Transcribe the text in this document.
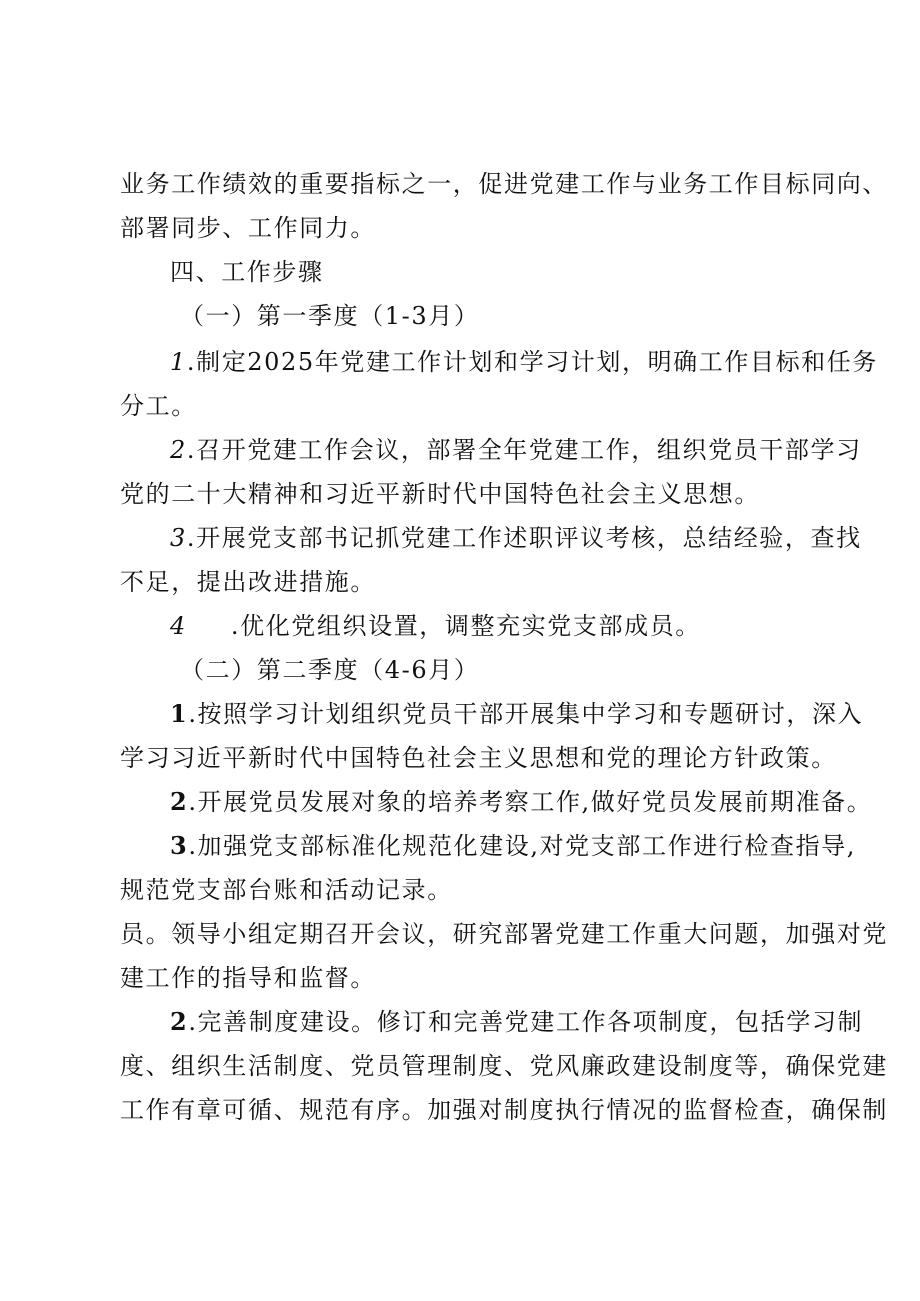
业务工作绩效的重要指标之一，促进党建工作与业务工作目标同向、
部署同步、工作同力。
四、工作步骤
（一）第一季度（1-3月）
1.制定2025年党建工作计划和学习计划，明确工作目标和任务
分工。
2.召开党建工作会议，部署全年党建工作，组织党员干部学习
党的二十大精神和习近平新时代中国特色社会主义思想。
3.开展党支部书记抓党建工作述职评议考核，总结经验，查找
不足，提出改进措施。
4 .优化党组织设置，调整充实党支部成员。
（二）第二季度（4-6月）
1.按照学习计划组织党员干部开展集中学习和专题研讨，深入
学习习近平新时代中国特色社会主义思想和党的理论方针政策。
2.开展党员发展对象的培养考察工作,做好党员发展前期准备。
3.加强党支部标准化规范化建设,对党支部工作进行检查指导,
规范党支部台账和活动记录。
员。领导小组定期召开会议，研究部署党建工作重大问题，加强对党
建工作的指导和监督。
2.完善制度建设。修订和完善党建工作各项制度，包括学习制
度、组织生活制度、党员管理制度、党风廉政建设制度等，确保党建
工作有章可循、规范有序。加强对制度执行情况的监督检查，确保制
